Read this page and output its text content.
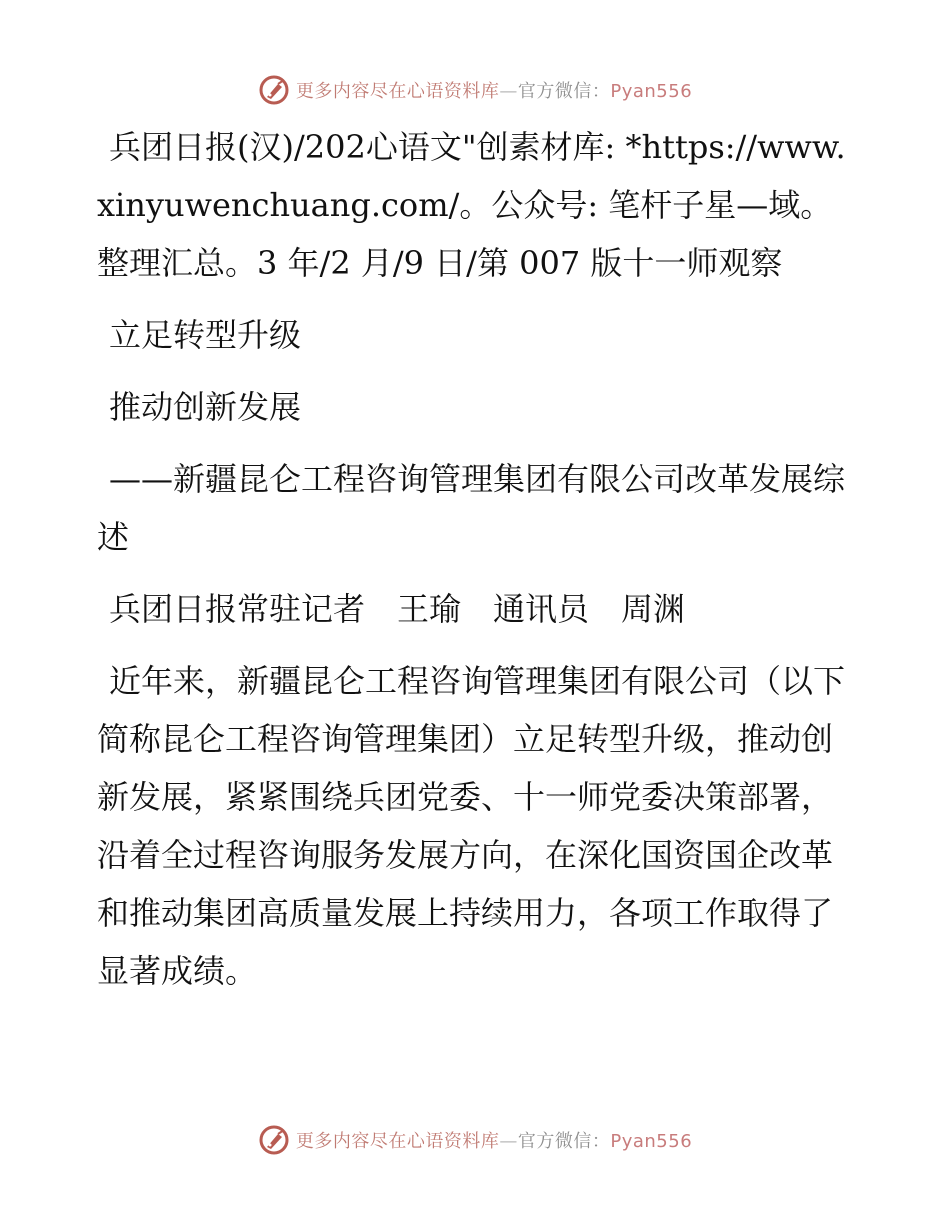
更多内容尽在心语资料库—官方微信：Pyan556

兵团日报(汉)/202心语文"创素材库: *https://www.xinyuwenchuang.com/。公众号: 笔杆子星—域。整理汇总。3 年/2 月/9 日/第 007 版十一师观察

立足转型升级

推动创新发展

——新疆昆仑工程咨询管理集团有限公司改革发展综述

兵团日报常驻记者　王瑜　通讯员　周渊

近年来，新疆昆仑工程咨询管理集团有限公司（以下简称昆仑工程咨询管理集团）立足转型升级，推动创新发展，紧紧围绕兵团党委、十一师党委决策部署，沿着全过程咨询服务发展方向，在深化国资国企改革和推动集团高质量发展上持续用力，各项工作取得了显著成绩。

更多内容尽在心语资料库—官方微信：Pyan556
